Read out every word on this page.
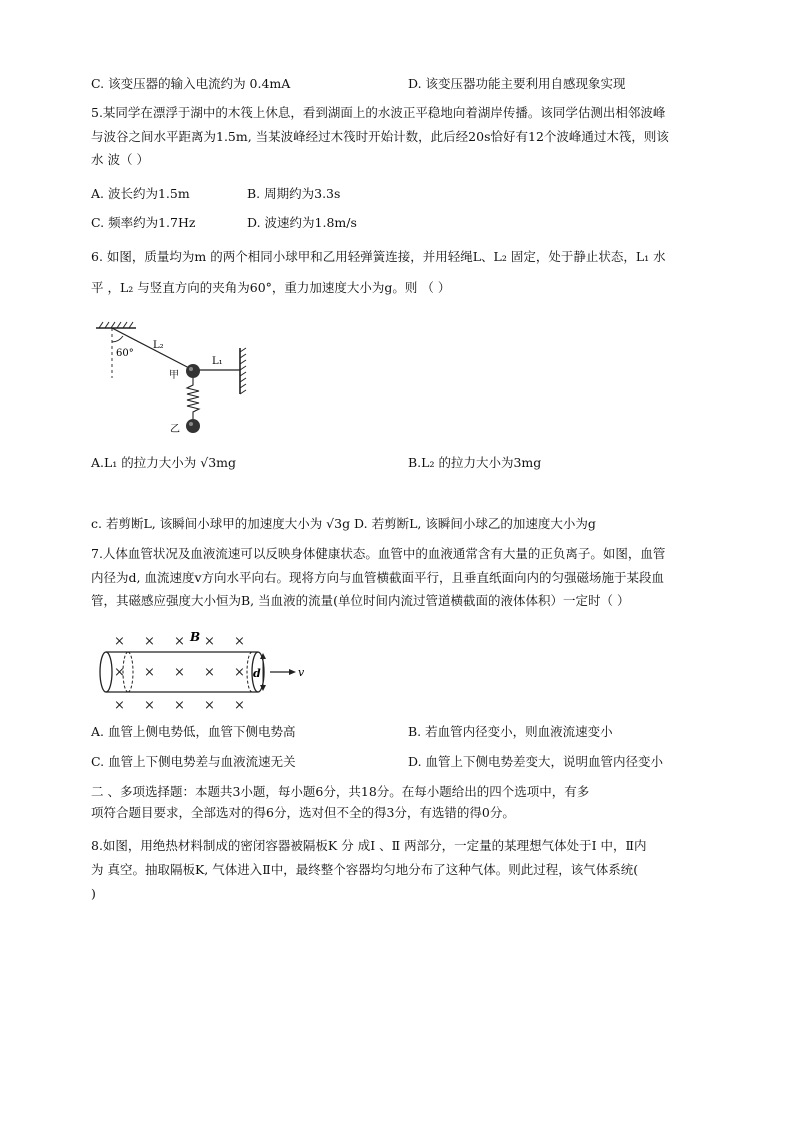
C. 该变压器的输入电流约为 0.4mA	D. 该变压器功能主要利用自感现象实现
5.某同学在漂浮于湖中的木筏上休息，看到湖面上的水波正平稳地向着湖岸传播。该同学估测出相邻波峰
与波谷之间水平距离为1.5m, 当某波峰经过木筏时开始计数，此后经20s恰好有12个波峰通过木筏，则该
水 波（ ）
A. 波长约为1.5m	B. 周期约为3.3s
C. 频率约为1.7Hz	D. 波速约为1.8m/s
6. 如图，质量均为m 的两个相同小球甲和乙用轻弹簧连接，并用轻绳L、L₂ 固定，处于静止状态，L₁ 水
平 ，L₂ 与竖直方向的夹角为60°，重力加速度大小为g。则 （ ）
60°
L₂
L₁
甲
乙
A.L₁ 的拉力大小为 √3mg	B.L₂ 的拉力大小为3mg
c. 若剪断L, 该瞬间小球甲的加速度大小为 √3g D. 若剪断L, 该瞬间小球乙的加速度大小为g
7.人体血管状况及血液流速可以反映身体健康状态。血管中的血液通常含有大量的正负离子。如图，血管
内径为d, 血流速度v方向水平向右。现将方向与血管横截面平行，且垂直纸面向内的匀强磁场施于某段血
管，其磁感应强度大小恒为B, 当血液的流量(单位时间内流过管道横截面的液体体积）一定时（ ）
× × × × ×
× × × × ×
× × × × ×
B
d	v
A. 血管上侧电势低，血管下侧电势高	B. 若血管内径变小，则血液流速变小
C. 血管上下侧电势差与血液流速无关	D. 血管上下侧电势差变大，说明血管内径变小
二 、多项选择题：本题共3小题，每小题6分，共18分。在每小题给出的四个选项中，有多
项符合题目要求，全部选对的得6分，选对但不全的得3分，有选错的得0分。
8.如图，用绝热材料制成的密闭容器被隔板K 分 成I 、Ⅱ 两部分，一定量的某理想气体处于I 中，Ⅱ内
为 真空。抽取隔板K, 气体进入Ⅱ中，最终整个容器均匀地分布了这种气体。则此过程，该气体系统(
)
